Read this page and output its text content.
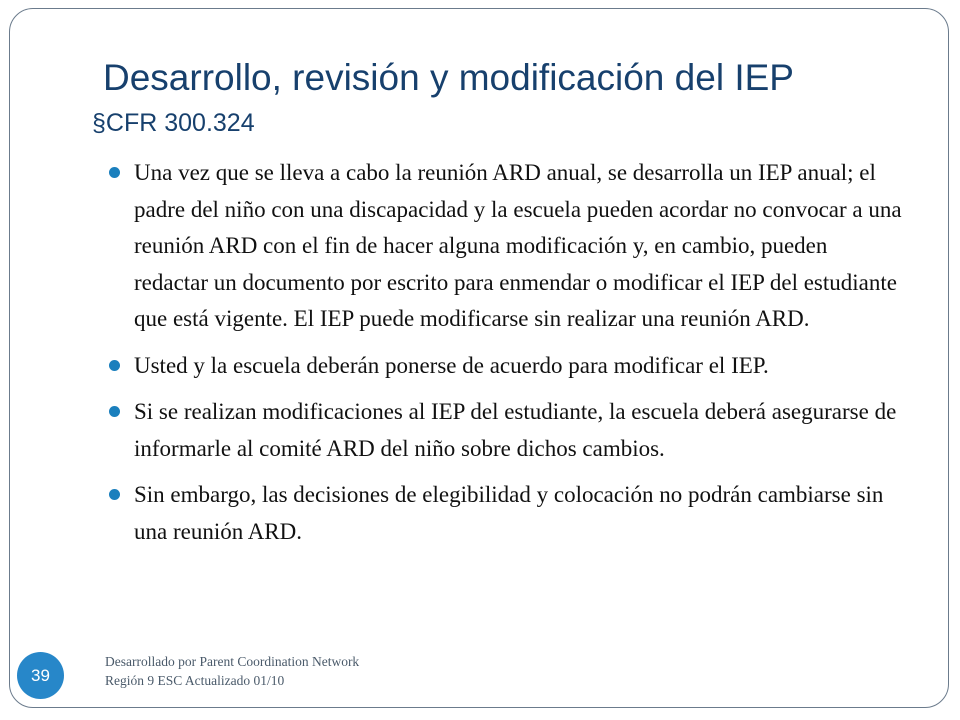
Desarrollo, revisión y modificación del IEP
§CFR 300.324
Una vez que se lleva a cabo la reunión ARD anual, se desarrolla un IEP anual; el padre del niño con una discapacidad y la escuela pueden acordar no convocar a una reunión ARD con el fin de hacer alguna modificación y, en cambio, pueden redactar un documento por escrito para enmendar o modificar el IEP del estudiante que está vigente. El IEP puede modificarse sin realizar una reunión ARD.
Usted y la escuela deberán ponerse de acuerdo para modificar el IEP.
Si se realizan modificaciones al IEP del estudiante, la escuela deberá asegurarse de informarle al comité ARD del niño sobre dichos cambios.
Sin embargo, las decisiones de elegibilidad y colocación no podrán cambiarse sin una reunión ARD.
39
Desarrollado por Parent Coordination Network
Región 9 ESC Actualizado 01/10
